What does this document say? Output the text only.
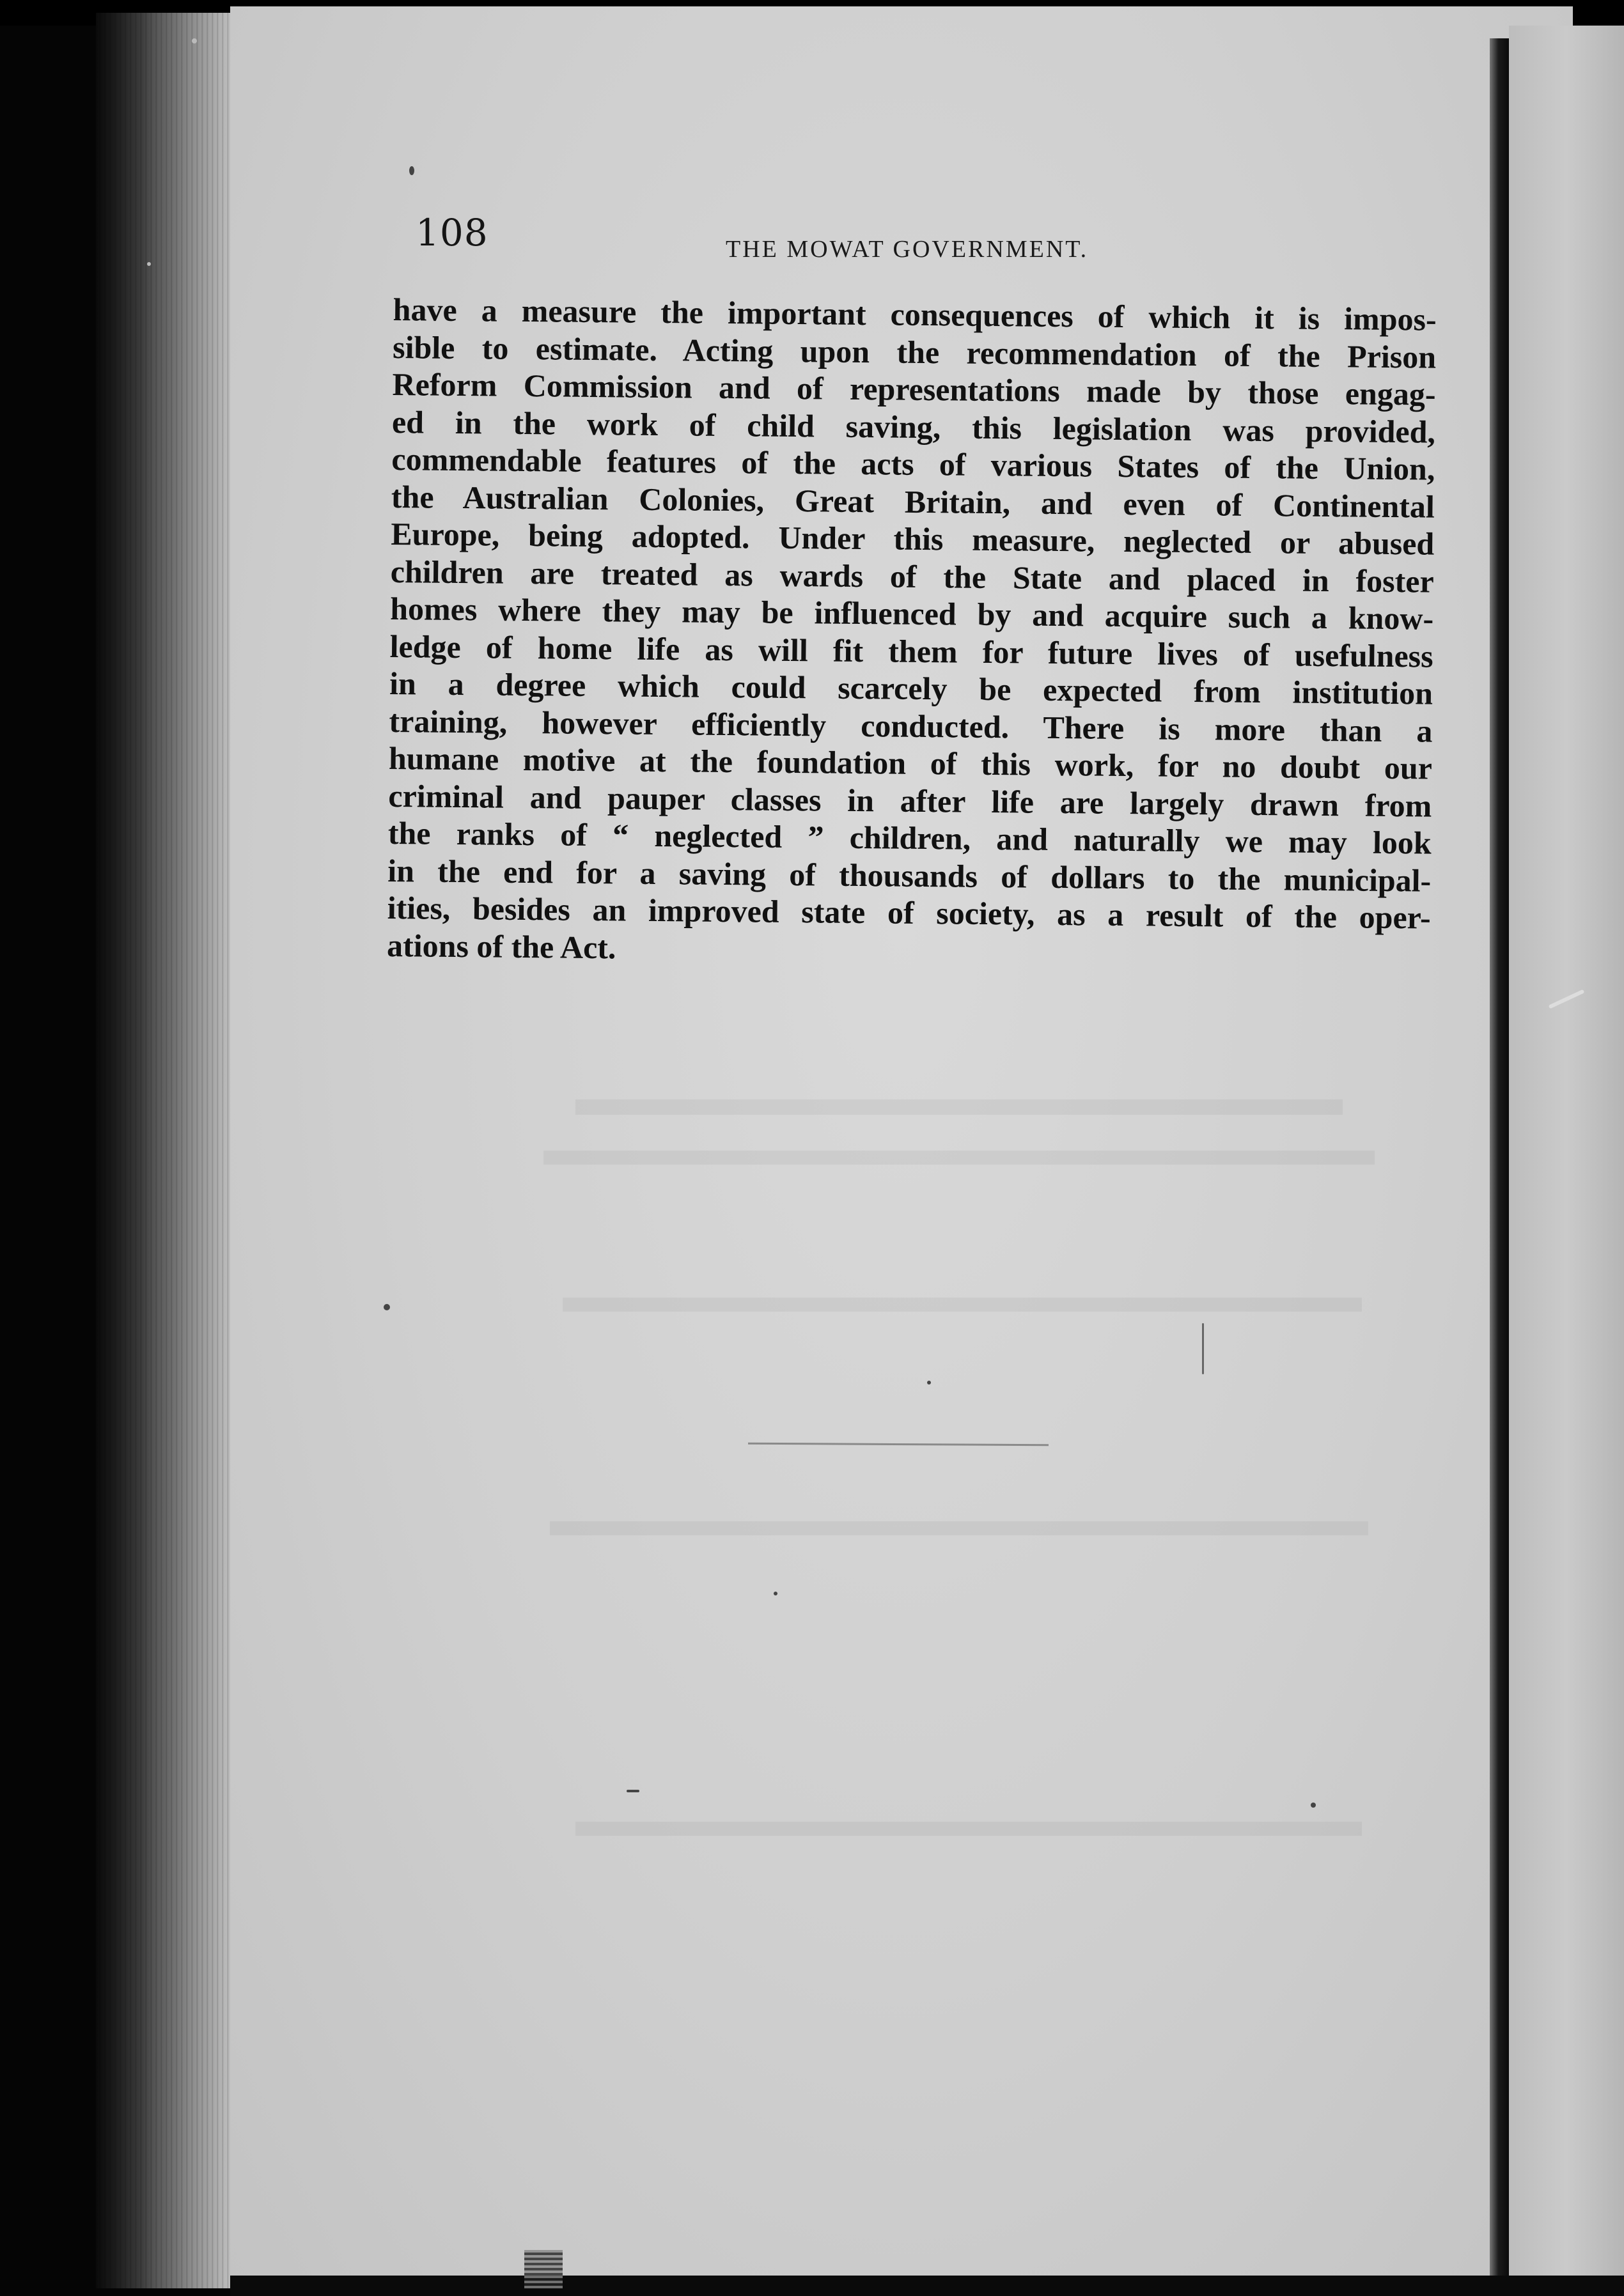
108	THE MOWAT GOVERNMENT.
have a measure the important consequences of which it is impos-
sible to estimate. Acting upon the recommendation of the Prison
Reform Commission and of representations made by those engag-
ed in the work of child saving, this legislation was provided,
commendable features of the acts of various States of the Union,
the Australian Colonies, Great Britain, and even of Continental
Europe, being adopted. Under this measure, neglected or abused
children are treated as wards of the State and placed in foster
homes where they may be influenced by and acquire such a know-
ledge of home life as will fit them for future lives of usefulness
in a degree which could scarcely be expected from institution
training, however efficiently conducted. There is more than a
humane motive at the foundation of this work, for no doubt our
criminal and pauper classes in after life are largely drawn from
the ranks of “ neglected ” children, and naturally we may look
in the end for a saving of thousands of dollars to the municipal-
ities, besides an improved state of society, as a result of the oper-
ations of the Act.
